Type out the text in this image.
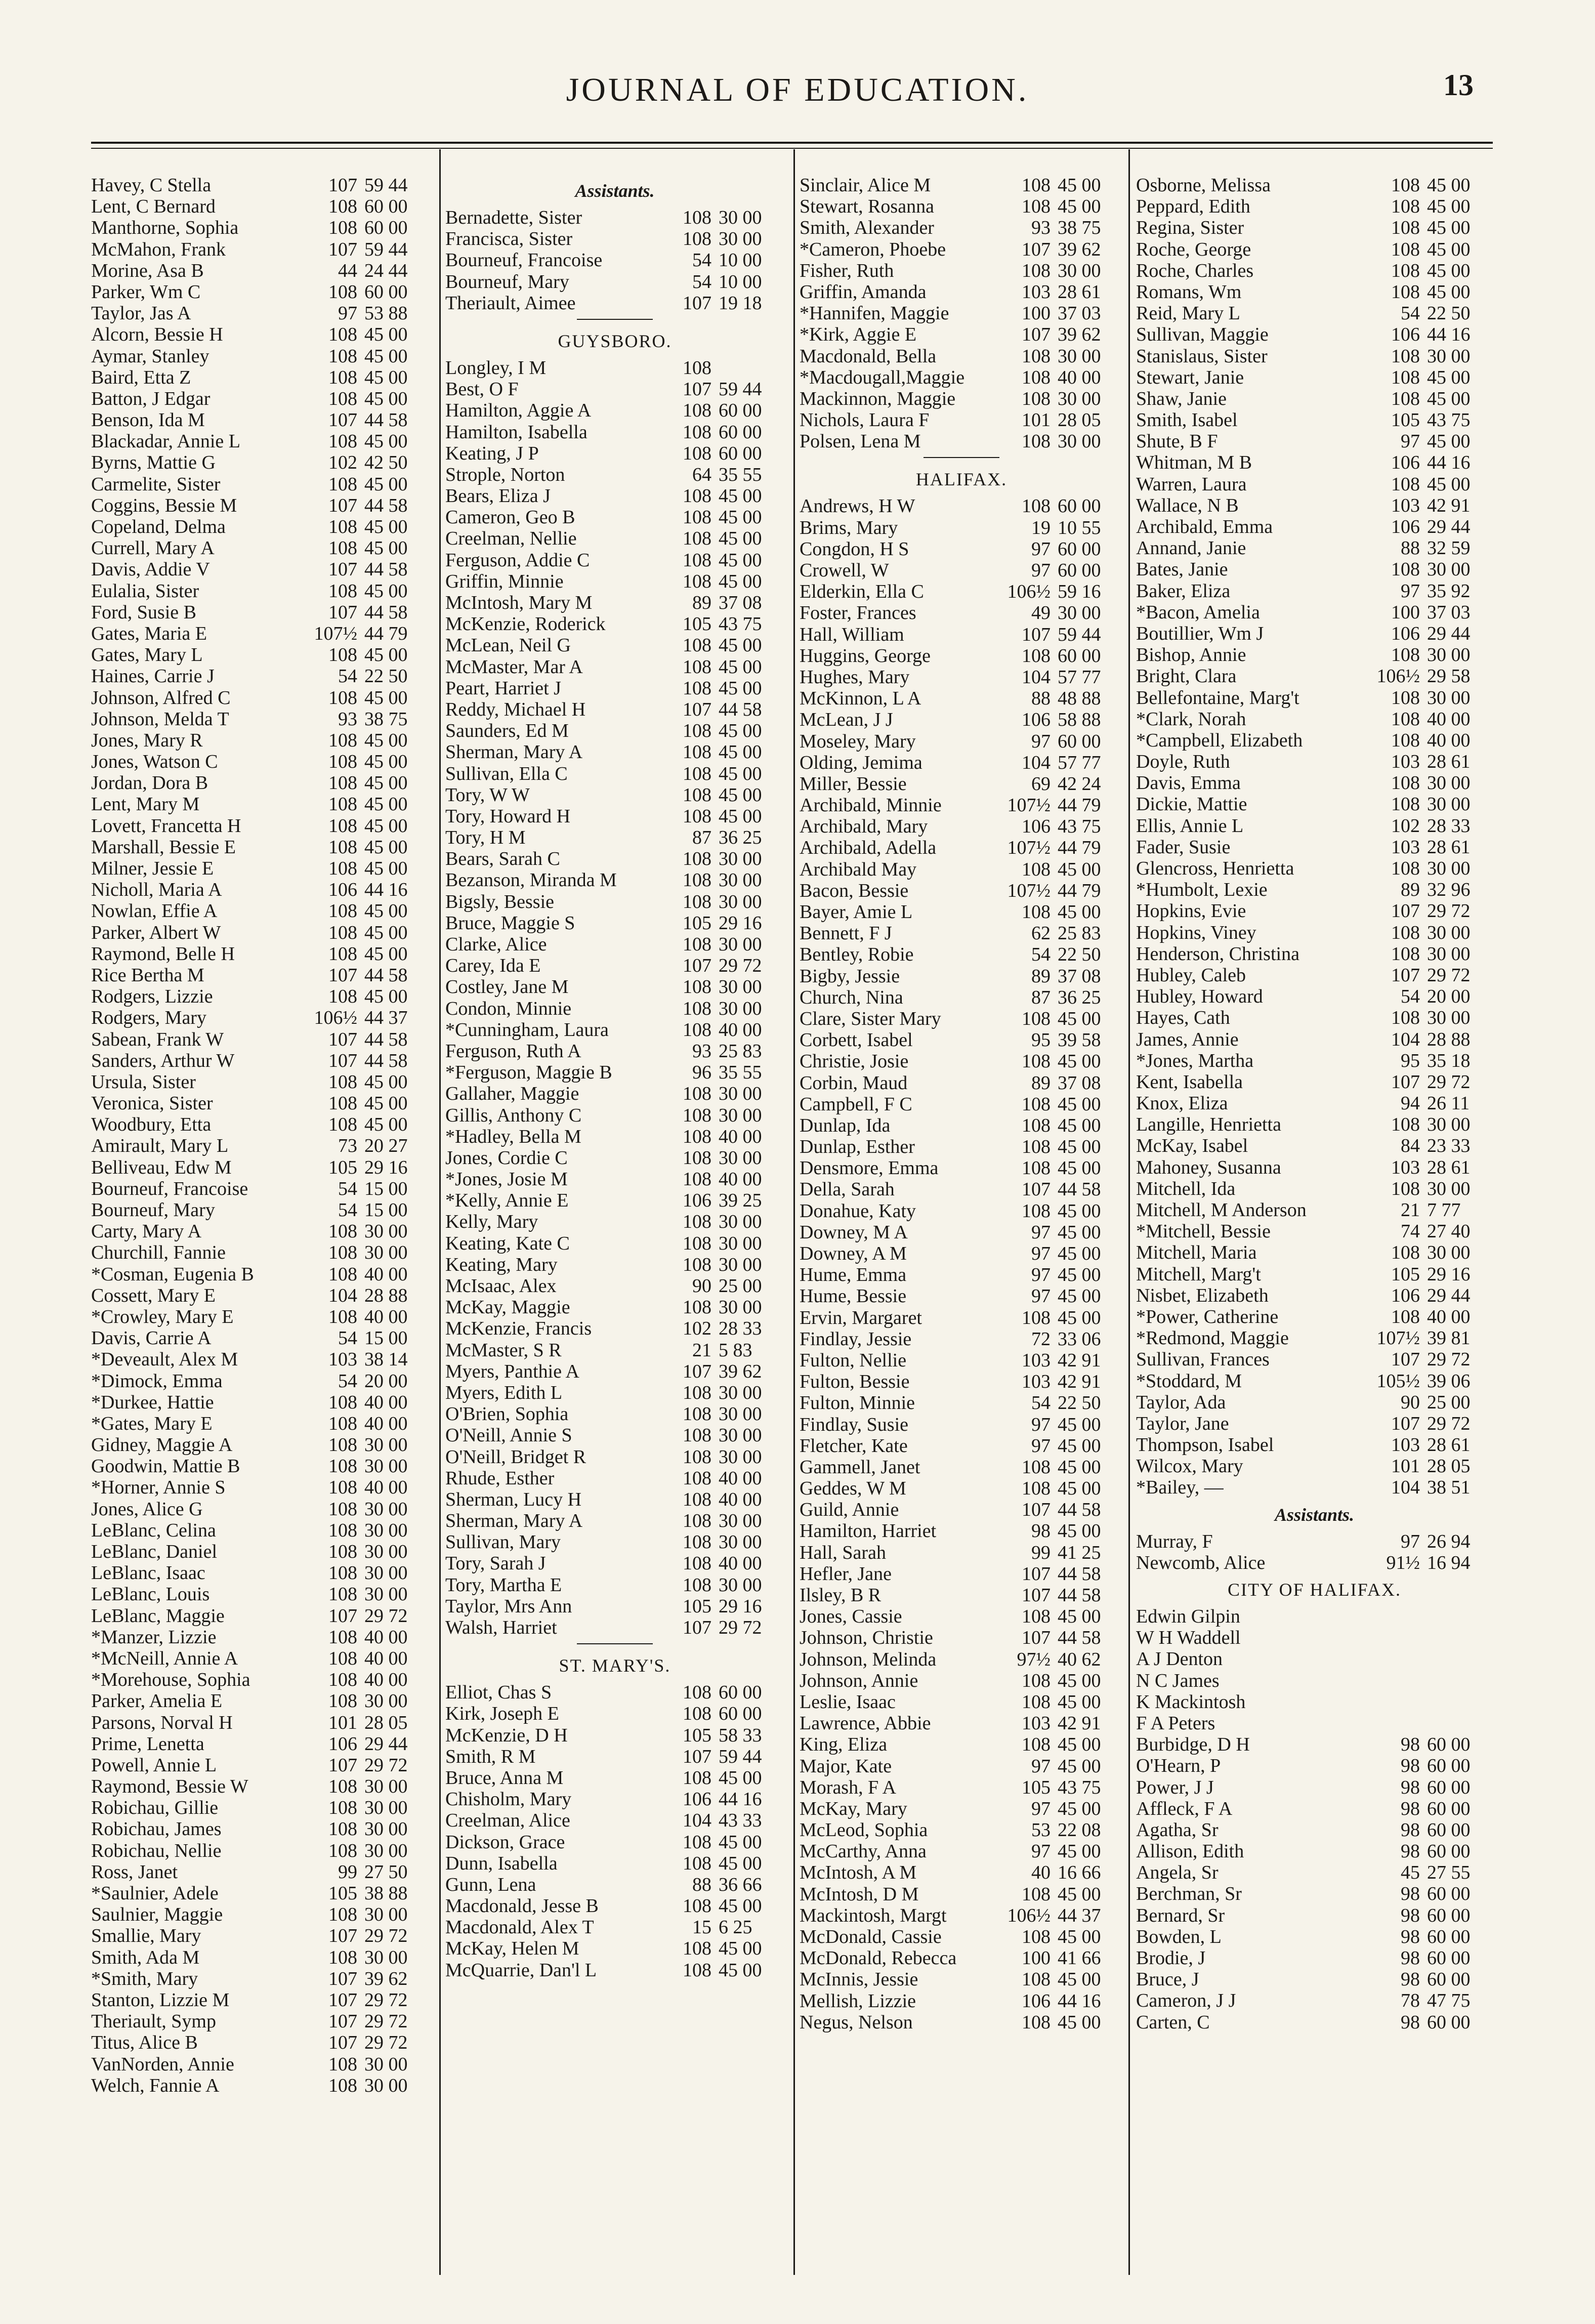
JOURNAL OF EDUCATION.	13
Havey, C Stella	107 59 44
Lent, C Bernard	108 60 00
Manthorne, Sophia	108 60 00
McMahon, Frank	107 59 44
Morine, Asa B	44 24 44
Parker, Wm C	108 60 00
Taylor, Jas A	97 53 88
Alcorn, Bessie H	108 45 00
Aymar, Stanley	108 45 00
Baird, Etta Z	108 45 00
Batton, J Edgar	108 45 00
Benson, Ida M	107 44 58
Blackadar, Annie L	108 45 00
Byrns, Mattie G	102 42 50
Carmelite, Sister	108 45 00
Coggins, Bessie M	107 44 58
Copeland, Delma	108 45 00
Currell, Mary A	108 45 00
Davis, Addie V	107 44 58
Eulalia, Sister	108 45 00
Ford, Susie B	107 44 58
Gates, Maria E	107½ 44 79
Gates, Mary L	108 45 00
Haines, Carrie J	54 22 50
Johnson, Alfred C	108 45 00
Johnson, Melda T	93 38 75
Jones, Mary R	108 45 00
Jones, Watson C	108 45 00
Jordan, Dora B	108 45 00
Lent, Mary M	108 45 00
Lovett, Francetta H	108 45 00
Marshall, Bessie E	108 45 00
Milner, Jessie E	108 45 00
Nicholl, Maria A	106 44 16
Nowlan, Effie A	108 45 00
Parker, Albert W	108 45 00
Raymond, Belle H	108 45 00
Rice Bertha M	107 44 58
Rodgers, Lizzie	108 45 00
Rodgers, Mary	106½ 44 37
Sabean, Frank W	107 44 58
Sanders, Arthur W	107 44 58
Ursula, Sister	108 45 00
Veronica, Sister	108 45 00
Woodbury, Etta	108 45 00
Amirault, Mary L	73 20 27
Belliveau, Edw M	105 29 16
Bourneuf, Francoise	54 15 00
Bourneuf, Mary	54 15 00
Carty, Mary A	108 30 00
Churchill, Fannie	108 30 00
*Cosman, Eugenia B	108 40 00
Cossett, Mary E	104 28 88
*Crowley, Mary E	108 40 00
Davis, Carrie A	54 15 00
*Deveault, Alex M	103 38 14
*Dimock, Emma	54 20 00
*Durkee, Hattie	108 40 00
*Gates, Mary E	108 40 00
Gidney, Maggie A	108 30 00
Goodwin, Mattie B	108 30 00
*Horner, Annie S	108 40 00
Jones, Alice G	108 30 00
LeBlanc, Celina	108 30 00
LeBlanc, Daniel	108 30 00
LeBlanc, Isaac	108 30 00
LeBlanc, Louis	108 30 00
LeBlanc, Maggie	107 29 72
*Manzer, Lizzie	108 40 00
*McNeill, Annie A	108 40 00
*Morehouse, Sophia	108 40 00
Parker, Amelia E	108 30 00
Parsons, Norval H	101 28 05
Prime, Lenetta	106 29 44
Powell, Annie L	107 29 72
Raymond, Bessie W	108 30 00
Robichau, Gillie	108 30 00
Robichau, James	108 30 00
Robichau, Nellie	108 30 00
Ross, Janet	99 27 50
*Saulnier, Adele	105 38 88
Saulnier, Maggie	108 30 00
Smallie, Mary	107 29 72
Smith, Ada M	108 30 00
*Smith, Mary	107 39 62
Stanton, Lizzie M	107 29 72
Theriault, Symp	107 29 72
Titus, Alice B	107 29 72
VanNorden, Annie	108 30 00
Welch, Fannie A	108 30 00
Assistants.
Bernadette, Sister	108 30 00
Francisca, Sister	108 30 00
Bourneuf, Francoise	54 10 00
Bourneuf, Mary	54 10 00
Theriault, Aimee	107 19 18
GUYSBORO.
Longley, I M	108
Best, O F	107 59 44
Hamilton, Aggie A	108 60 00
Hamilton, Isabella	108 60 00
Keating, J P	108 60 00
Strople, Norton	64 35 55
Bears, Eliza J	108 45 00
Cameron, Geo B	108 45 00
Creelman, Nellie	108 45 00
Ferguson, Addie C	108 45 00
Griffin, Minnie	108 45 00
McIntosh, Mary M	89 37 08
McKenzie, Roderick	105 43 75
McLean, Neil G	108 45 00
McMaster, Mar A	108 45 00
Peart, Harriet J	108 45 00
Reddy, Michael H	107 44 58
Saunders, Ed M	108 45 00
Sherman, Mary A	108 45 00
Sullivan, Ella C	108 45 00
Tory, W W	108 45 00
Tory, Howard H	108 45 00
Tory, H M	87 36 25
Bears, Sarah C	108 30 00
Bezanson, Miranda M	108 30 00
Bigsly, Bessie	108 30 00
Bruce, Maggie S	105 29 16
Clarke, Alice	108 30 00
Carey, Ida E	107 29 72
Costley, Jane M	108 30 00
Condon, Minnie	108 30 00
*Cunningham, Laura	108 40 00
Ferguson, Ruth A	93 25 83
*Ferguson, Maggie B	96 35 55
Gallaher, Maggie	108 30 00
Gillis, Anthony C	108 30 00
*Hadley, Bella M	108 40 00
Jones, Cordie C	108 30 00
*Jones, Josie M	108 40 00
*Kelly, Annie E	106 39 25
Kelly, Mary	108 30 00
Keating, Kate C	108 30 00
Keating, Mary	108 30 00
McIsaac, Alex	90 25 00
McKay, Maggie	108 30 00
McKenzie, Francis	102 28 33
McMaster, S R	21 5 83
Myers, Panthie A	107 39 62
Myers, Edith L	108 30 00
O'Brien, Sophia	108 30 00
O'Neill, Annie S	108 30 00
O'Neill, Bridget R	108 30 00
Rhude, Esther	108 40 00
Sherman, Lucy H	108 40 00
Sherman, Mary A	108 30 00
Sullivan, Mary	108 30 00
Tory, Sarah J	108 40 00
Tory, Martha E	108 30 00
Taylor, Mrs Ann	105 29 16
Walsh, Harriet	107 29 72
ST. MARY'S.
Elliot, Chas S	108 60 00
Kirk, Joseph E	108 60 00
McKenzie, D H	105 58 33
Smith, R M	107 59 44
Bruce, Anna M	108 45 00
Chisholm, Mary	106 44 16
Creelman, Alice	104 43 33
Dickson, Grace	108 45 00
Dunn, Isabella	108 45 00
Gunn, Lena	88 36 66
Macdonald, Jesse B	108 45 00
Macdonald, Alex T	15 6 25
McKay, Helen M	108 45 00
McQuarrie, Dan'l L	108 45 00
Sinclair, Alice M	108 45 00
Stewart, Rosanna	108 45 00
Smith, Alexander	93 38 75
*Cameron, Phoebe	107 39 62
Fisher, Ruth	108 30 00
Griffin, Amanda	103 28 61
*Hannifen, Maggie	100 37 03
*Kirk, Aggie E	107 39 62
Macdonald, Bella	108 30 00
*Macdougall,Maggie	108 40 00
Mackinnon, Maggie	108 30 00
Nichols, Laura F	101 28 05
Polsen, Lena M	108 30 00
HALIFAX.
Andrews, H W	108 60 00
Brims, Mary	19 10 55
Congdon, H S	97 60 00
Crowell, W	97 60 00
Elderkin, Ella C	106½ 59 16
Foster, Frances	49 30 00
Hall, William	107 59 44
Huggins, George	108 60 00
Hughes, Mary	104 57 77
McKinnon, L A	88 48 88
McLean, J J	106 58 88
Moseley, Mary	97 60 00
Olding, Jemima	104 57 77
Miller, Bessie	69 42 24
Archibald, Minnie	107½ 44 79
Archibald, Mary	106 43 75
Archibald, Adella	107½ 44 79
Archibald May	108 45 00
Bacon, Bessie	107½ 44 79
Bayer, Amie L	108 45 00
Bennett, F J	62 25 83
Bentley, Robie	54 22 50
Bigby, Jessie	89 37 08
Church, Nina	87 36 25
Clare, Sister Mary	108 45 00
Corbett, Isabel	95 39 58
Christie, Josie	108 45 00
Corbin, Maud	89 37 08
Campbell, F C	108 45 00
Dunlap, Ida	108 45 00
Dunlap, Esther	108 45 00
Densmore, Emma	108 45 00
Della, Sarah	107 44 58
Donahue, Katy	108 45 00
Downey, M A	97 45 00
Downey, A M	97 45 00
Hume, Emma	97 45 00
Hume, Bessie	97 45 00
Ervin, Margaret	108 45 00
Findlay, Jessie	72 33 06
Fulton, Nellie	103 42 91
Fulton, Bessie	103 42 91
Fulton, Minnie	54 22 50
Findlay, Susie	97 45 00
Fletcher, Kate	97 45 00
Gammell, Janet	108 45 00
Geddes, W M	108 45 00
Guild, Annie	107 44 58
Hamilton, Harriet	98 45 00
Hall, Sarah	99 41 25
Hefler, Jane	107 44 58
Ilsley, B R	107 44 58
Jones, Cassie	108 45 00
Johnson, Christie	107 44 58
Johnson, Melinda	97½ 40 62
Johnson, Annie	108 45 00
Leslie, Isaac	108 45 00
Lawrence, Abbie	103 42 91
King, Eliza	108 45 00
Major, Kate	97 45 00
Morash, F A	105 43 75
McKay, Mary	97 45 00
McLeod, Sophia	53 22 08
McCarthy, Anna	97 45 00
McIntosh, A M	40 16 66
McIntosh, D M	108 45 00
Mackintosh, Margt	106½ 44 37
McDonald, Cassie	108 45 00
McDonald, Rebecca	100 41 66
McInnis, Jessie	108 45 00
Mellish, Lizzie	106 44 16
Negus, Nelson	108 45 00
Osborne, Melissa	108 45 00
Peppard, Edith	108 45 00
Regina, Sister	108 45 00
Roche, George	108 45 00
Roche, Charles	108 45 00
Romans, Wm	108 45 00
Reid, Mary L	54 22 50
Sullivan, Maggie	106 44 16
Stanislaus, Sister	108 30 00
Stewart, Janie	108 45 00
Shaw, Janie	108 45 00
Smith, Isabel	105 43 75
Shute, B F	97 45 00
Whitman, M B	106 44 16
Warren, Laura	108 45 00
Wallace, N B	103 42 91
Archibald, Emma	106 29 44
Annand, Janie	88 32 59
Bates, Janie	108 30 00
Baker, Eliza	97 35 92
*Bacon, Amelia	100 37 03
Boutillier, Wm J	106 29 44
Bishop, Annie	108 30 00
Bright, Clara	106½ 29 58
Bellefontaine, Marg't	108 30 00
*Clark, Norah	108 40 00
*Campbell, Elizabeth	108 40 00
Doyle, Ruth	103 28 61
Davis, Emma	108 30 00
Dickie, Mattie	108 30 00
Ellis, Annie L	102 28 33
Fader, Susie	103 28 61
Glencross, Henrietta	108 30 00
*Humbolt, Lexie	89 32 96
Hopkins, Evie	107 29 72
Hopkins, Viney	108 30 00
Henderson, Christina	108 30 00
Hubley, Caleb	107 29 72
Hubley, Howard	54 20 00
Hayes, Cath	108 30 00
James, Annie	104 28 88
*Jones, Martha	95 35 18
Kent, Isabella	107 29 72
Knox, Eliza	94 26 11
Langille, Henrietta	108 30 00
McKay, Isabel	84 23 33
Mahoney, Susanna	103 28 61
Mitchell, Ida	108 30 00
Mitchell, M Anderson	21 7 77
*Mitchell, Bessie	74 27 40
Mitchell, Maria	108 30 00
Mitchell, Marg't	105 29 16
Nisbet, Elizabeth	106 29 44
*Power, Catherine	108 40 00
*Redmond, Maggie	107½ 39 81
Sullivan, Frances	107 29 72
*Stoddard, M	105½ 39 06
Taylor, Ada	90 25 00
Taylor, Jane	107 29 72
Thompson, Isabel	103 28 61
Wilcox, Mary	101 28 05
*Bailey, —	104 38 51
Assistants.
Murray, F	97 26 94
Newcomb, Alice	91½ 16 94
CITY OF HALIFAX.
Edwin Gilpin
W H Waddell
A J Denton
N C James
K Mackintosh
F A Peters
Burbidge, D H	98 60 00
O'Hearn, P	98 60 00
Power, J J	98 60 00
Affleck, F A	98 60 00
Agatha, Sr	98 60 00
Allison, Edith	98 60 00
Angela, Sr	45 27 55
Berchman, Sr	98 60 00
Bernard, Sr	98 60 00
Bowden, L	98 60 00
Brodie, J	98 60 00
Bruce, J	98 60 00
Cameron, J J	78 47 75
Carten, C	98 60 00
